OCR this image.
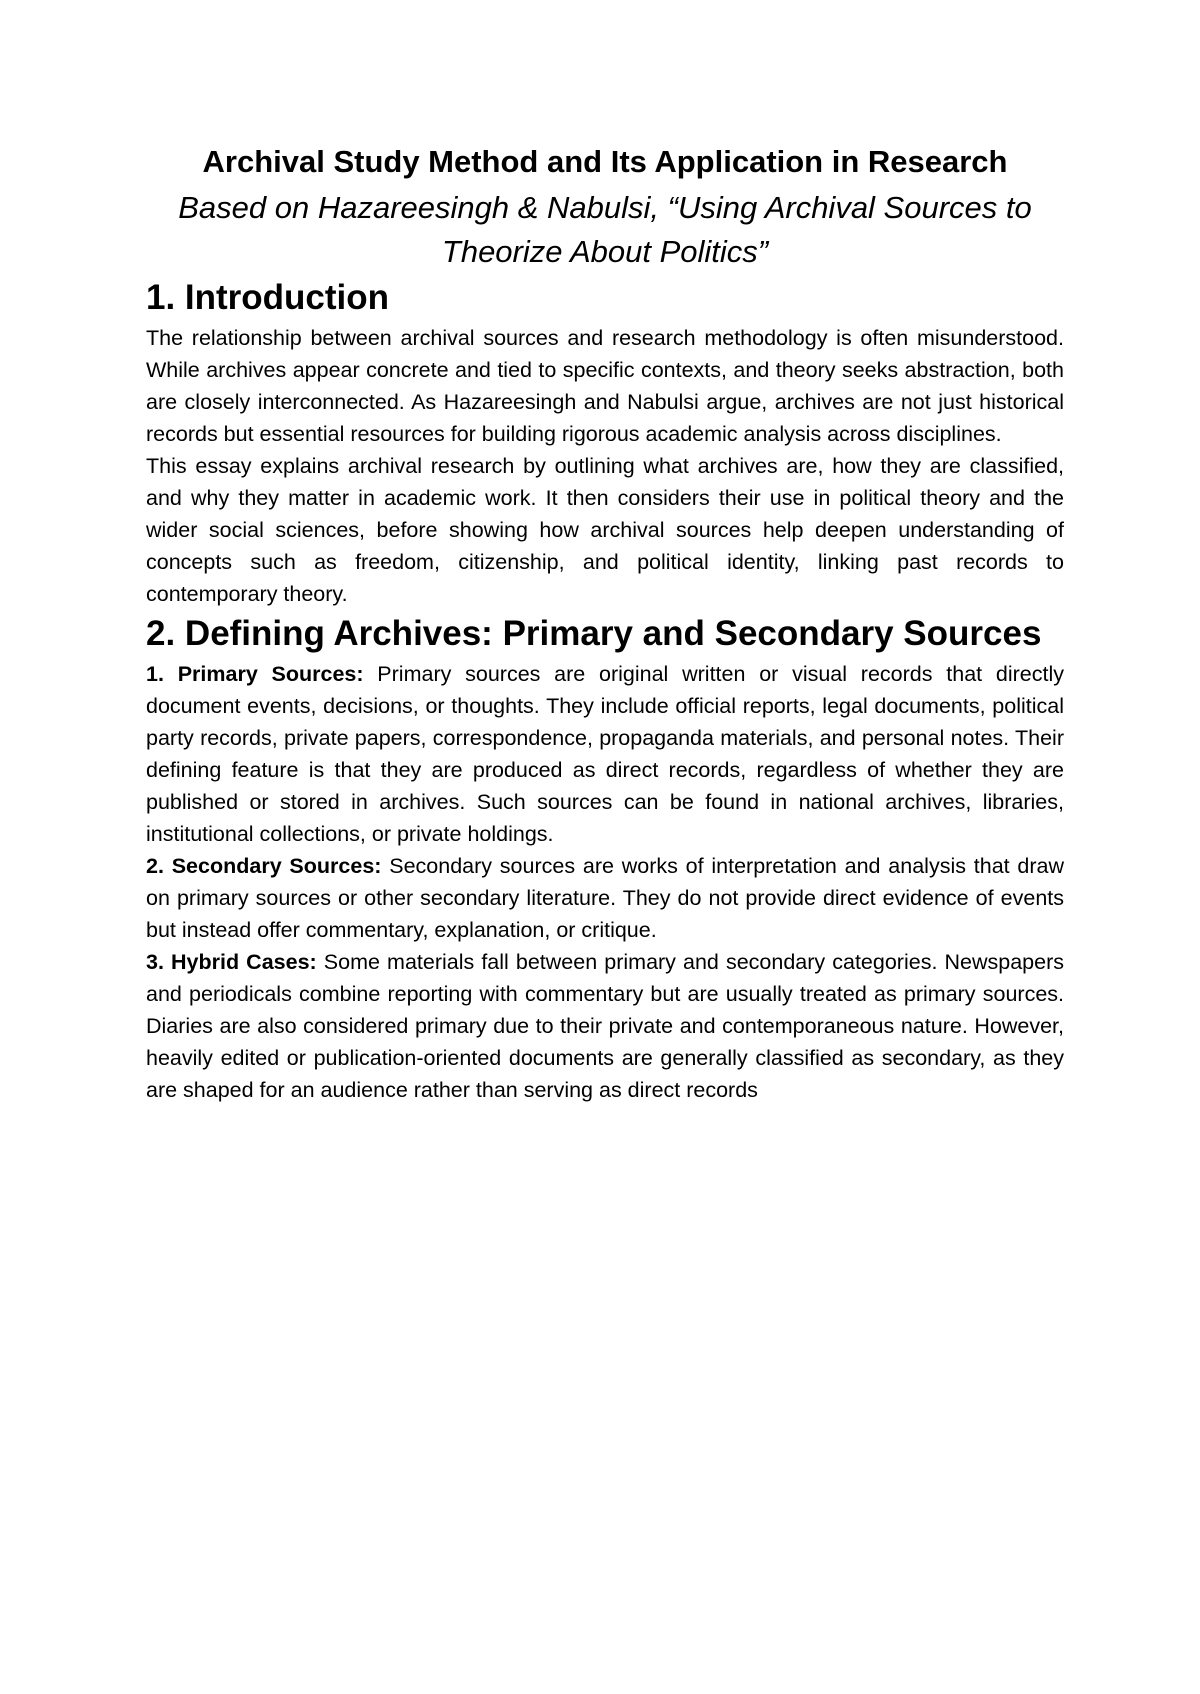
Archival Study Method and Its Application in Research
Based on Hazareesingh & Nabulsi, “Using Archival Sources to Theorize About Politics”
1. Introduction

The relationship between archival sources and research methodology is often misunderstood. While archives appear concrete and tied to specific contexts, and theory seeks abstraction, both are closely interconnected. As Hazareesingh and Nabulsi argue, archives are not just historical records but essential resources for building rigorous academic analysis across disciplines.

This essay explains archival research by outlining what archives are, how they are classified, and why they matter in academic work. It then considers their use in political theory and the wider social sciences, before showing how archival sources help deepen understanding of concepts such as freedom, citizenship, and political identity, linking past records to contemporary theory.

2. Defining Archives: Primary and Secondary Sources

1. Primary Sources: Primary sources are original written or visual records that directly document events, decisions, or thoughts. They include official reports, legal documents, political party records, private papers, correspondence, propaganda materials, and personal notes. Their defining feature is that they are produced as direct records, regardless of whether they are published or stored in archives. Such sources can be found in national archives, libraries, institutional collections, or private holdings.

2. Secondary Sources: Secondary sources are works of interpretation and analysis that draw on primary sources or other secondary literature. They do not provide direct evidence of events but instead offer commentary, explanation, or critique.

3. Hybrid Cases: Some materials fall between primary and secondary categories. Newspapers and periodicals combine reporting with commentary but are usually treated as primary sources. Diaries are also considered primary due to their private and contemporaneous nature. However, heavily edited or publication-oriented documents are generally classified as secondary, as they are shaped for an audience rather than serving as direct records
